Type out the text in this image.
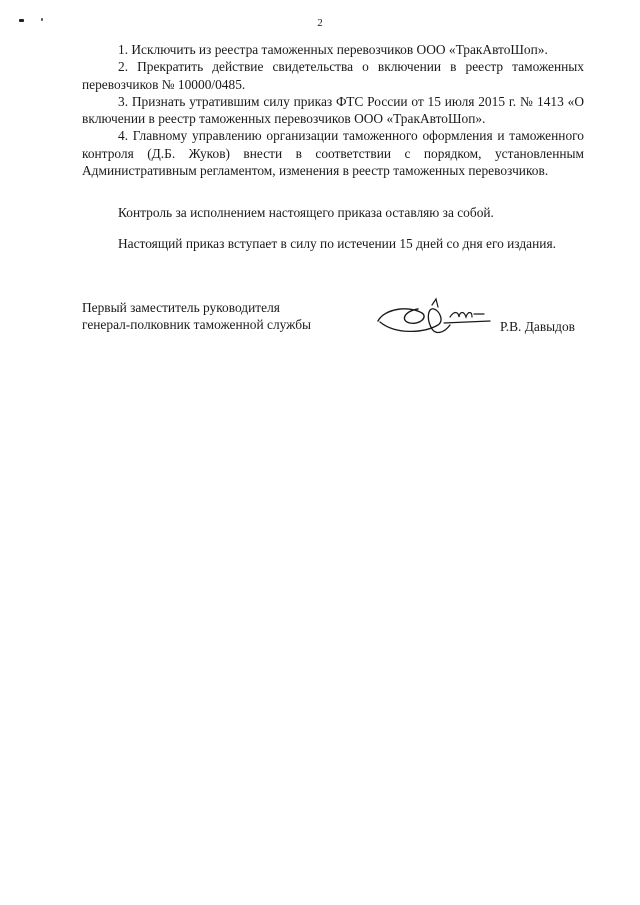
2

1. Исключить из реестра таможенных перевозчиков ООО «ТракАвтоШоп».

2. Прекратить действие свидетельства о включении в реестр таможенных перевозчиков № 10000/0485.

3. Признать утратившим силу приказ ФТС России от 15 июля 2015 г. № 1413 «О включении в реестр таможенных перевозчиков ООО «ТракАвтоШоп».

4. Главному управлению организации таможенного оформления и таможенного контроля (Д.Б. Жуков) внести в соответствии с порядком, установленным Административным регламентом, изменения в реестр таможенных перевозчиков.

Контроль за исполнением настоящего приказа оставляю за собой.
Настоящий приказ вступает в силу по истечении 15 дней со дня его издания.
Первый заместитель руководителя
генерал-полковник таможенной службы	Р.В. Давыдов
